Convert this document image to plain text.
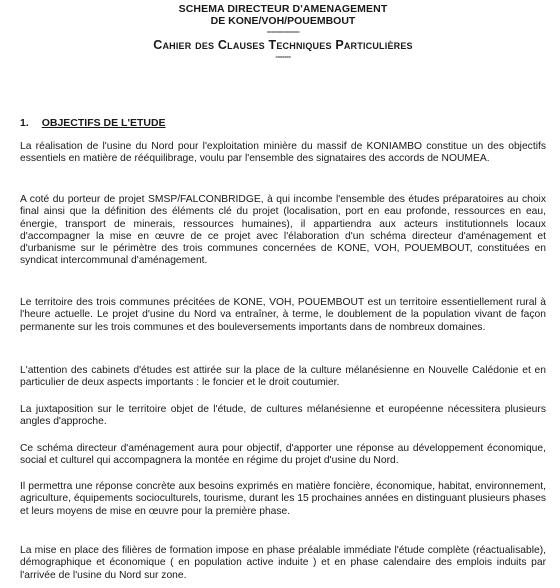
SCHEMA DIRECTEUR D'AMENAGEMENT
DE KONE/VOH/POUEMBOUT
---------------
Cahier des Clauses Techniques Particulières
-------
1. OBJECTIFS DE L'ETUDE

La réalisation de l'usine du Nord pour l'exploitation minière du massif de KONIAMBO constitue un des objectifs essentiels en matière de rééquilibrage, voulu par l'ensemble des signataires des accords de NOUMEA.

A coté du porteur de projet SMSP/FALCONBRIDGE, à qui incombe l'ensemble des études préparatoires au choix final ainsi que la définition des éléments clé du projet (localisation, port en eau profonde, ressources en eau, énergie, transport de minerais, ressources humaines), il appartiendra aux acteurs institutionnels locaux d'accompagner la mise en œuvre de ce projet avec l'élaboration d'un schéma directeur d'aménagement et d'urbanisme sur le périmètre des trois communes concernées de KONE, VOH, POUEMBOUT, constituées en syndicat intercommunal d'aménagement.

Le territoire des trois communes précitées de KONE, VOH, POUEMBOUT est un territoire essentiellement rural à l'heure actuelle. Le projet d'usine du Nord va entraîner, à terme, le doublement de la population vivant de façon permanente sur les trois communes et des bouleversements importants dans de nombreux domaines.

L'attention des cabinets d'études est attirée sur la place de la culture mélanésienne en Nouvelle Calédonie et en particulier de deux aspects importants : le foncier et le droit coutumier.

La juxtaposition sur le territoire objet de l'étude, de cultures mélanésienne et européenne nécessitera plusieurs angles d'approche.

Ce schéma directeur d'aménagement aura pour objectif, d'apporter une réponse au développement économique, social et culturel qui accompagnera la montée en régime du projet d'usine du Nord.

Il permettra une réponse concrète aux besoins exprimés en matière foncière, économique, habitat, environnement, agriculture, équipements socioculturels, tourisme, durant les 15 prochaines années en distinguant plusieurs phases et leurs moyens de mise en œuvre pour la première phase.

La mise en place des filières de formation impose en phase préalable immédiate l'étude complète (réactualisable), démographique et économique ( en population active induite ) et en phase calendaire des emplois induits par l'arrivée de l'usine du Nord sur zone.
